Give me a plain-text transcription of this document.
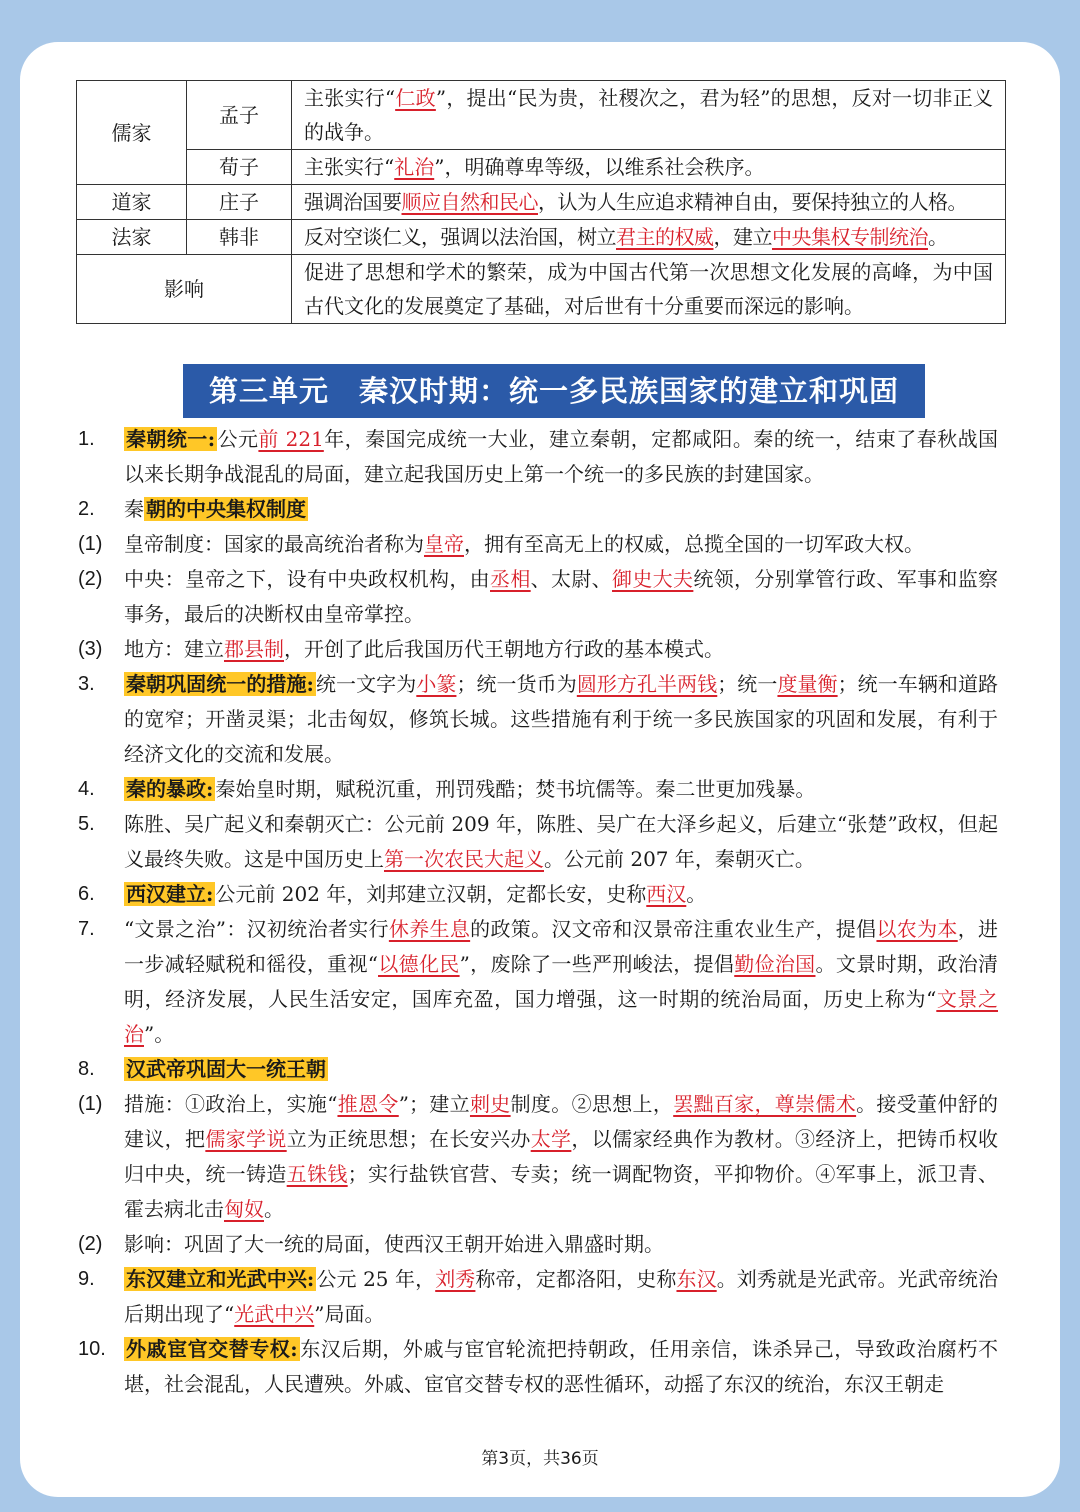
儒家	孟子	主张实行“仁政”，提出“民为贵，社稷次之，君为轻”的思想，反对一切非正义的战争。
	荀子	主张实行“礼治”，明确尊卑等级，以维系社会秩序。
道家	庄子	强调治国要顺应自然和民心，认为人生应追求精神自由，要保持独立的人格。
法家	韩非	反对空谈仁义，强调以法治国，树立君主的权威，建立中央集权专制统治。
影响		促进了思想和学术的繁荣，成为中国古代第一次思想文化发展的高峰，为中国古代文化的发展奠定了基础，对后世有十分重要而深远的影响。
第三单元　秦汉时期：统一多民族国家的建立和巩固
1. 秦朝统一: 公元前 221年，秦国完成统一大业，建立秦朝，定都咸阳。秦的统一，结束了春秋战国以来长期争战混乱的局面，建立起我国历史上第一个统一的多民族的封建国家。
2. 秦 朝的中央集权制度
(1) 皇帝制度：国家的最高统治者称为皇帝，拥有至高无上的权威，总揽全国的一切军政大权。
(2) 中央：皇帝之下，设有中央政权机构，由丞相、太尉、御史大夫统领，分别掌管行政、军事和监察事务，最后的决断权由皇帝掌控。
(3) 地方：建立郡县制，开创了此后我国历代王朝地方行政的基本模式。
3. 秦朝巩固统一的措施: 统一文字为小篆；统一货币为圆形方孔半两钱；统一度量衡；统一车辆和道路的宽窄；开凿灵渠；北击匈奴，修筑长城。这些措施有利于统一多民族国家的巩固和发展，有利于经济文化的交流和发展。
4. 秦的暴政: 秦始皇时期，赋税沉重，刑罚残酷；焚书坑儒等。秦二世更加残暴。
5. 陈胜、吴广起义和秦朝灭亡：公元前 209 年，陈胜、吴广在大泽乡起义，后建立“张楚”政权，但起义最终失败。这是中国历史上第一次农民大起义。公元前 207 年，秦朝灭亡。
6. 西汉建立: 公元前 202 年，刘邦建立汉朝，定都长安，史称西汉。
7. “文景之治”：汉初统治者实行休养生息的政策。汉文帝和汉景帝注重农业生产，提倡以农为本，进一步减轻赋税和徭役，重视“以德化民”，废除了一些严刑峻法，提倡勤俭治国。文景时期，政治清明，经济发展，人民生活安定，国库充盈，国力增强，这一时期的统治局面，历史上称为“文景之治”。
8. 汉武帝巩固大一统王朝
(1) 措施：①政治上，实施“推恩令”；建立刺史制度。②思想上，罢黜百家，尊崇儒术。接受董仲舒的建议，把儒家学说立为正统思想；在长安兴办太学，以儒家经典作为教材。③经济上，把铸币权收归中央，统一铸造五铢钱；实行盐铁官营、专卖；统一调配物资，平抑物价。④军事上，派卫青、霍去病北击匈奴。
(2) 影响：巩固了大一统的局面，使西汉王朝开始进入鼎盛时期。
9. 东汉建立和光武中兴: 公元 25 年，刘秀称帝，定都洛阳，史称东汉。刘秀就是光武帝。光武帝统治后期出现了“光武中兴”局面。
10. 外戚宦官交替专权: 东汉后期，外戚与宦官轮流把持朝政，任用亲信，诛杀异己，导致政治腐朽不堪，社会混乱，人民遭殃。外戚、宦官交替专权的恶性循环，动摇了东汉的统治，东汉王朝走
第3页，共36页
